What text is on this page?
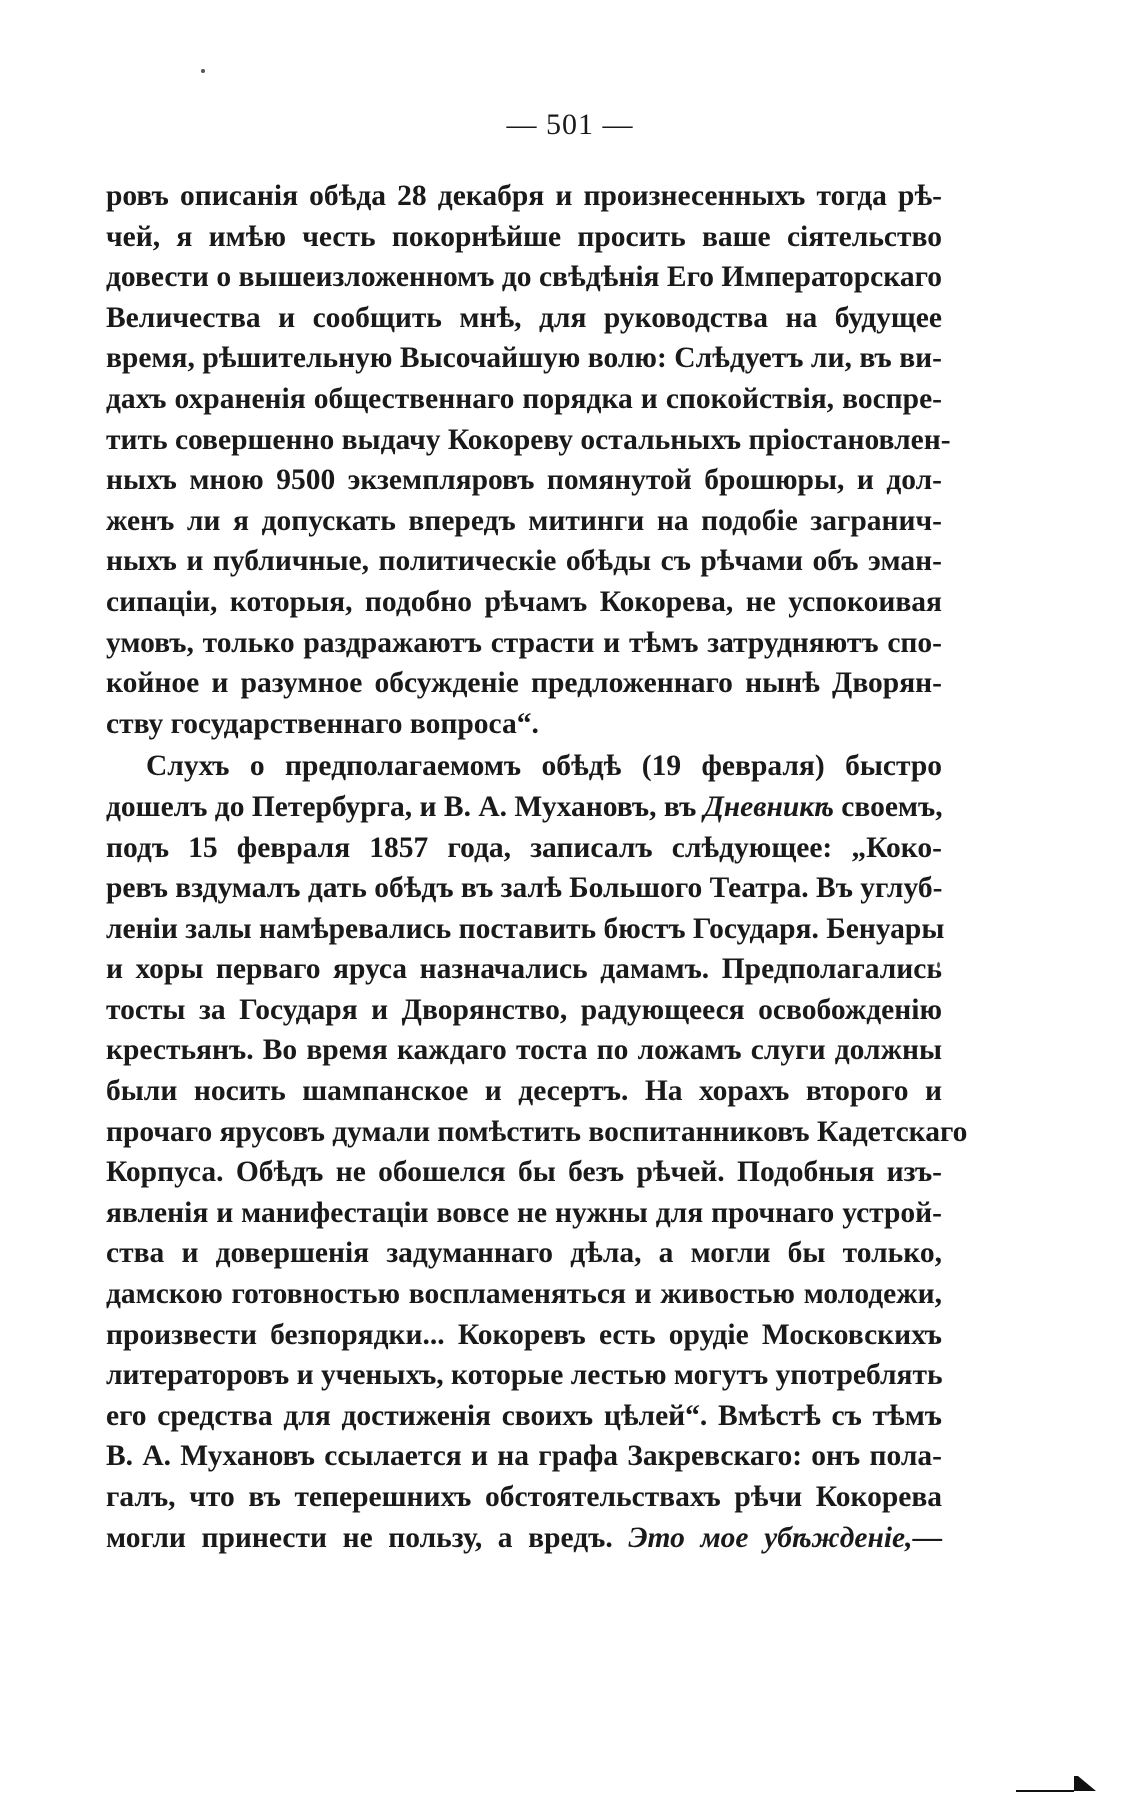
— 501 —
ровъ описанія обѣда 28 декабря и произнесенныхъ тогда рѣ-
чей, я имѣю честь покорнѣйше просить ваше сіятельство
довести о вышеизложенномъ до свѣдѣнія Его Императорскаго
Величества и сообщить мнѣ, для руководства на будущее
время, рѣшительную Высочайшую волю: Слѣдуетъ ли, въ ви-
дахъ охраненія общественнаго порядка и спокойствія, воспре-
тить совершенно выдачу Кокореву остальныхъ пріостановлен-
ныхъ мною 9500 экземпляровъ помянутой брошюры, и дол-
женъ ли я допускать впередъ митинги на подобіе загранич-
ныхъ и публичные, политическіе обѣды съ рѣчами объ эман-
сипаціи, которыя, подобно рѣчамъ Кокорева, не успокоивая
умовъ, только раздражаютъ страсти и тѣмъ затрудняютъ спо-
койное и разумное обсужденіе предложеннаго нынѣ Дворян-
ству государственнаго вопроса“.
Слухъ о предполагаемомъ обѣдѣ (19 февраля) быстро
дошелъ до Петербурга, и В. А. Мухановъ, въ Дневникѣ своемъ,
подъ 15 февраля 1857 года, записалъ слѣдующее: „Коко-
ревъ вздумалъ дать обѣдъ въ залѣ Большого Театра. Въ углуб-
леніи залы намѣревались поставить бюстъ Государя. Бенуары
и хоры перваго яруса назначались дамамъ. Предполагались
тосты за Государя и Дворянство, радующееся освобожденію
крестьянъ. Во время каждаго тоста по ложамъ слуги должны
были носить шампанское и десертъ. На хорахъ второго и
прочаго ярусовъ думали помѣстить воспитанниковъ Кадетскаго
Корпуса. Обѣдъ не обошелся бы безъ рѣчей. Подобныя изъ-
явленія и манифестаціи вовсе не нужны для прочнаго устрой-
ства и довершенія задуманнаго дѣла, а могли бы только,
дамскою готовностью воспламеняться и живостью молодежи,
произвести безпорядки... Кокоревъ есть орудіе Московскихъ
литераторовъ и ученыхъ, которые лестью могутъ употреблять
его средства для достиженія своихъ цѣлей“. Вмѣстѣ съ тѣмъ
В. А. Мухановъ ссылается и на графа Закревскаго: онъ пола-
галъ, что въ теперешнихъ обстоятельствахъ рѣчи Кокорева
могли принести не пользу, а вредъ. Это мое убѣжденіе,—
